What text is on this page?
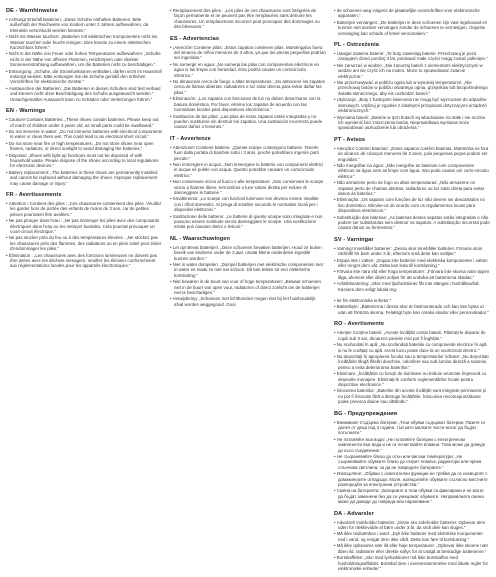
DE - Warnhinweise
• Achtung! Ertiefall Batterien: „Diese Schuhe enthalten Batterien. Bitte außerhalb der Reichweite von Kindern unter 3 Jahren aufbewahren, da Kleinteile verschluckt werden könnten.“
• Nicht ins Wasser tauchen: „Batterien mit elektrischen Komponenten nicht ins Wasser tauchen oder feucht reinigen. Dies könnte zu einem elektrischen Kurzschluss führen.“
• Nicht in der Nähe von Feuer oder hohen Temperaturen aufbewahren: „Schuhe nicht in der Nähe von offenen Flammen, Heizkörpern oder direkter Sonneneinstrahlung aufbewahren, um die Batterien nicht zu beschädigen.“
• Entsorgung: „Schuhe, die Stromfunktionen enthalten, dürfen nicht im Hausmüll entsorgt werden. Bitte entsorgen Sie die Schuhe gemäß den örtlichen Vorschriften für elektronische Geräte.“
• Austauschen der Batterien: „Die Batterien in diesen Schuhen sind fest verbaut und können nicht ohne Beschädigung des Schuhs ausgetauscht werden.“ Unsachgemäßer Austausch kann zu Schäden oder Verletzungen führen.“
EN - Warnings
• Caution! Contains Batteries: „These shoes contain batteries. Please keep out of reach of children under 3 years old, as small parts could be swallowed.“
• Do not immerse in water: „Do not immerse batteries with electrical components in water or clean them wet. This could lead to an electrical short circuit.“
• Do not store near fire or high temperatures: „Do not store shoes near open flames, radiators, or direct sunlight to avoid damaging the batteries.“
• Disposal: „Shoes with light-up functions must not be disposed of with household waste. Please dispose of the shoes according to local regulations for electronic devices.“
• Battery replacement: „The batteries in these shoes are permanently installed and cannot be replaced without damaging the shoes. Improper replacement may cause damage or injury.“
FR - Avertissements
• Attention ! Contient des piles : „Ces chaussures contiennent des piles. Veuillez les garder hors de portée des enfants de moins de 3 ans, car de petites pièces pourraient être avalées.“
• Ne pas plonger dans l'eau : „Ne pas immerger les piles avec des composants électriques dans l'eau ou les nettoyer humides. Cela pourrait provoquer un court-circuit électrique.“
• Ne pas stocker près du feu ou à des températures élevées : „Ne stockez pas les chaussures près des flammes, des radiateurs ou en plein soleil pour éviter d'endommager les piles.“
• Élimination : „Les chaussures avec des fonctions lumineuses ne doivent pas être jetées avec les déchets ménagers. Veuillez les éliminer conformément aux réglementations locales pour les appareils électroniques.“
• Remplacement des piles : „Les piles de ces chaussures sont intégrées de façon permanente et ne peuvent pas être remplacées sans détruire les chaussures. Un remplacement incorrect peut provoquer des dommages ou des blessures.“
ES - Advertencias
• ¡Atención! Contiene pilas: „Estos zapatos contienen pilas. Manténgalos fuera del alcance de niños menores de 3 años, ya que las piezas pequeñas podrían ser ingeridas.“
• No sumergir en agua: „No sumerja las pilas con componentes eléctricos en agua ni las limpie con humedad. Esto podría causar un cortocircuito eléctrico.“
• No almacenar cerca de fuego o altas temperaturas: „No almacene los zapatos cerca de llamas abiertas, radiadores o luz solar directa para evitar dañar las pilas.“
• Eliminación: „Los zapatos con funciones de luz no deben desecharse con la basura doméstica. Por favor, elimine los zapatos de acuerdo con las normativas locales para dispositivos electrónicos.“
• Sustitución de las pilas: „Las pilas de estos zapatos están integradas y no pueden sustituirse sin destruir los zapatos. Una sustitución incorrecta puede causar daños o lesiones.“
IT - Avvertenze
• Attenzione! Contiene batterie: „Queste scarpe contengono batterie. Tenerle fuori dalla portata di bambini sotto i 3 anni, poiché potrebbero ingerire parti piccole.“
• Non immergere in acqua: „Non immergere le batterie con componenti elettrici in acqua né pulirle con acqua. Questo potrebbe causare un cortocircuito elettrico.“
• Non conservare vicino al fuoco o alle temperature: „Non conservare le scarpe vicino a fiamme libere, termosifoni o luce solare diretta per evitare di danneggiare le batterie.“
• Smaltimento: „Le scarpe con funzioni luminose non devono essere smaltite con i rifiuti domestici. Si prega di smaltire secondo le normative locali per i dispositivi elettronici.“
• Sostituzione delle batterie: „Le batterie di queste scarpe sono integrate e non possono essere sostituite senza danneggiare le scarpe. Una sostituzione errata può causare danni o lesioni.“
NL - Waarschuwingen
• Let op! Bevat batterijen: „Deze schoenen bevatten batterijen. Houd ze buiten bereik van kinderen onder de 3 jaar, omdat kleine onderdelen ingeslikt kunnen worden.“
• Niet in water dompelen: „Dompel batterijen met elektrische componenten niet in water en maak ze niet nat schoon. Dit kan leiden tot een elektrische kortsluiting.“
• Niet bewaren in de buurt van vuur of hoge temperaturen: „Bewaar schoenen niet in de buurt van open vuur, radiatoren of direct zonlicht om de batterijen niet te beschadigen.“
• Verwijdering: „Schoenen met lichtfuncties mogen niet bij het huishoudelijk afval worden weggegooid. Gooi
• de schoenen weg volgens de plaatselijke voorschriften voor elektronische apparaten.“
• Batterijen vervangen: „De batterijen in deze schoenen zijn vast ingebouwd en kunnen niet worden vervangen zonder de schoenen te vernietigen. Onjuiste vervanging kan schade of letsel veroorzaken.“
PL - Ostrzeżenia
• Uwaga! Zawiera baterie: „Te buty zawierają baterie. Przechowuj je poza zasięgiem dzieci poniżej 3 lat, ponieważ małe części mogą zostać połknięte.“
• Nie zanurzać w wodzie: „Nie zanurzaj baterii z elementami elektrycznymi w wodzie ani nie czyść ich na mokro. Może to spowodować zwarcie elektryczne.“
• Nie przechowywać w pobliżu ognia lub w wysokiej temperaturze: „Nie przechowuj butów w pobliżu otwartego ognia, grzejników lub bezpośredniego światła słonecznego, aby nie uszkodzić baterii.“
• Utylizacja: „Buty z funkcjami świecenia nie mogą być wyrzucane do odpadów domowych. Utylizuj je zgodnie z lokalnymi przepisami dotyczącymi urządzeń elektronicznych.“
• Wymiana baterii: „Baterie w tych butach są wbudowane na stałe i nie można ich wymienić bez zniszczenia butów. Nieprawidłowa wymiana może spowodować uszkodzenie lub obrażenia.“
PT - Avisos
• Atenção! Contém baterias: „Estes sapatos contêm baterias. Mantenha-os fora do alcance de crianças menores de 3 anos, pois pequenas peças podem ser engolidas.“
• Não mergulhar na água: „Não mergulhe as baterias com componentes elétricos na água nem as limpe com água. Isso pode causar um curto-circuito elétrico.“
• Não armazene perto de fogo ou altas temperaturas: „Não armazene os sapatos perto de chamas abertas, radiadores ou luz solar direta para evitar danos às baterias.“
• Eliminação: „Os sapatos com funções de luz não devem ser descartados no lixo doméstico. Elimine-os de acordo com os regulamentos locais para dispositivos eletrónicos.“
• Substituição das baterias: „As baterias destes sapatos estão integradas e não podem ser substituídas sem destruir os sapatos. A substituição incorreta pode causar danos ou ferimentos.“
SV - Varningar
• Varning! Innehåller batterier: „Dessa skor innehåller batterier. Förvara utom räckhåll för barn under 3 år, eftersom små delar kan sväljas.“
• Doppa inte i vatten: „Doppa inte batterier med elektriska komponenter i vatten eller rengör dem våt. Detta kan leda till kortslutning.“
• Förvara inte nära eld eller höga temperaturer: „Förvara inte skorna nära öppen låga, element eller direkt solljus för att undvika att batterierna skadas.“
• Avfallshantering: „Skor med ljusfunktioner får inte slängas i hushållsavfall. Kassera dem enligt lokala reg-
• ler för elektroniska enheter.“
• Batteribyte: „Batterierna i dessa skor är fastmonterade och kan inte bytas ut utan att förstöra skorna. Felaktigt byte kan orsaka skador eller personskador.“
RO - Avertismente
• Atenție! Conține baterii: „Aceste încălțări conțin baterii. Păstrați-le departe de copiii sub 3 ani, deoarece piesele mici pot fi înghițite.“
• Nu scufundați în apă: „Nu scufundați bateriile cu componente electrice în apă și nu le curățați cu apă. Acest lucru poate duce la un scurtcircuit electric.“
• Nu depozitați în apropierea focului sau a temperaturilor ridicate: „Nu depozitați încălțările lângă flăcări deschise, calorifere sau sub lumina directă a soarelui, pentru a evita deteriorarea bateriilor.“
• Eliminare: „Încălțările cu funcții de iluminare nu trebuie aruncate împreună cu deșeurile menajere. Eliminați-le conform reglementărilor locale pentru dispozitive electronice.“
• Înlocuirea bateriilor: „Bateriile din aceste încălțări sunt integrate permanent și nu pot fi înlocuite fără a distruge încălțările. Înlocuirea necorespunzătoare poate provoca daune sau vătămări.“
BG - Предупреждения
• Внимание! Съдържа батерии: „Тези обувки съдържат батерии. Пазете ги далеч от деца под 3 години, тъй като малките части могат да бъдат погълнати.“
• Не потапяйте във вода: „Не потапяйте батерии с електрически компоненти във вода и не ги почиствайте влажни. Това може да доведе до късо съединение.“
• Не съхранявайте близо до огън или високи температури: „Не съхранявайте обувките близо до открит пламък, радиатори или пряка слънчева светлина, за да не повредите батериите.“
• Изхвърляне: „Обувки с осветителни функции не трябва да се изхвърлят с домакинските отпадъци. Моля, изхвърляйте обувките съгласно местните разпоредби за електронни устройства.“
• Смяна на батерията: „Батериите в тези обувки са фиксирани и не могат да бъдат заменени без да се унищожат обувките. Неправилната смяна може да доведе до повреда или нараняване.“
DA - Advarsler
• Advarsel! Indeholder batterier: „Disse sko indeholder batterier. Opbevar dem uden for rækkevidde af børn under 3 år, da små dele kan sluges.“
• Må ikke nedsænkes i vand: „Dyk ikke batterier med elektriske komponenter ned i vand, og rengør dem ikke vådt. Dette kan føre til kortslutning.“
• Må ikke opbevares nær ild eller høje temperaturer: „Opbevar ikke skoene nær åben ild, radiatorer eller direkte sollys for at undgå at beskadige batterierne.“
• Bortskaffelse: „Sko med lysfunktioner må ikke bortskaffes med husholdningsaffaldet. Bortskaf dem i overensstemmelse med lokale regler for elektroniske enheder.“
